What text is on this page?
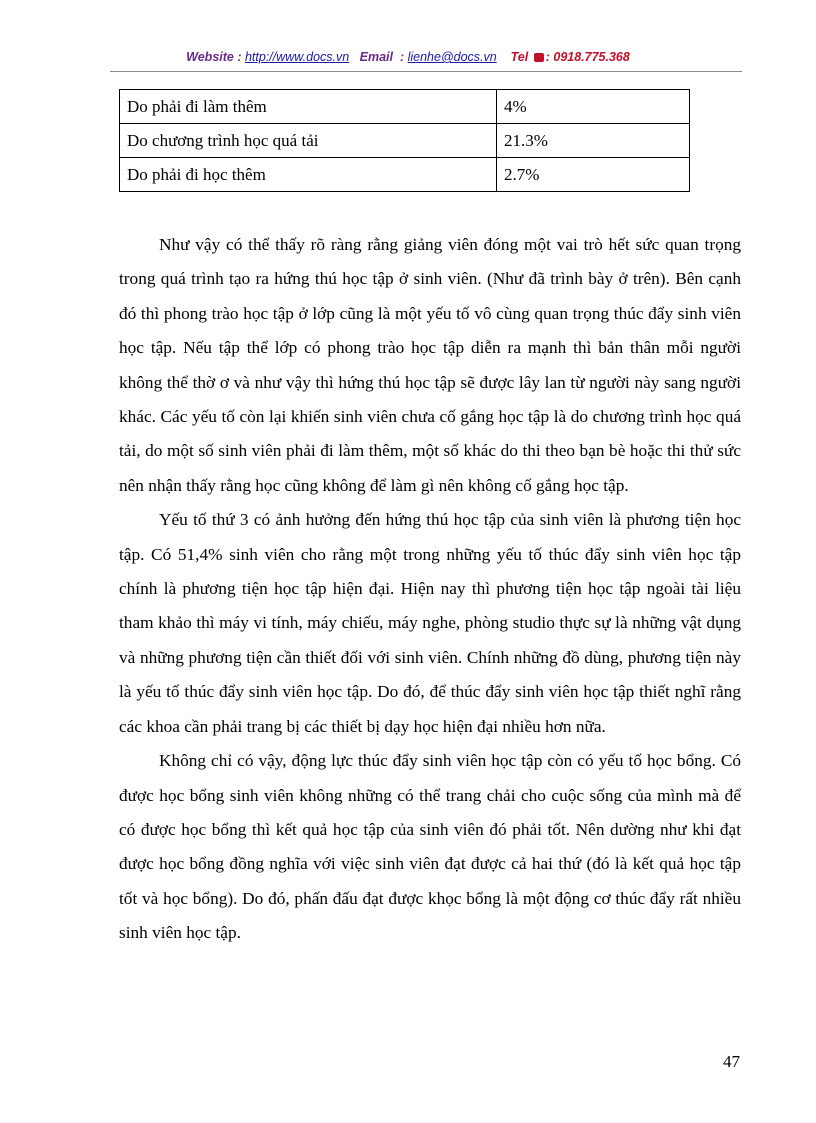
Website : http://www.docs.vn Email : lienhe@docs.vn Tel : 0918.775.368
Do phải đi làm thêm	4%
Do chương trình học quá tải	21.3%
Do phải đi học thêm	2.7%

Như vậy có thể thấy rõ ràng rằng giảng viên đóng một vai trò hết sức quan trọng trong quá trình tạo ra hứng thú học tập ở sinh viên. (Như đã trình bày ở trên). Bên cạnh đó thì phong trào học tập ở lớp cũng là một yếu tố vô cùng quan trọng thúc đẩy sinh viên học tập. Nếu tập thể lớp có phong trào học tập diễn ra mạnh thì bản thân mỗi người không thể thờ ơ và như vậy thì hứng thú học tập sẽ được lây lan từ người này sang người khác. Các yếu tố còn lại khiến sinh viên chưa cố gắng học tập là do chương trình học quá tải, do một số sinh viên phải đi làm thêm, một số khác do thi theo bạn bè hoặc thi thử sức nên nhận thấy rằng học cũng không để làm gì nên không cố gắng học tập.

Yếu tố thứ 3 có ảnh hưởng đến hứng thú học tập của sinh viên là phương tiện học tập. Có 51,4% sinh viên cho rằng một trong những yếu tố thúc đẩy sinh viên học tập chính là phương tiện học tập hiện đại. Hiện nay thì phương tiện học tập ngoài tài liệu tham khảo thì máy vi tính, máy chiếu, máy nghe, phòng studio thực sự là những vật dụng và những phương tiện cần thiết đối với sinh viên. Chính những đồ dùng, phương tiện này là yếu tố thúc đẩy sinh viên học tập. Do đó, để thúc đẩy sinh viên học tập thiết nghĩ rằng các khoa cần phải trang bị các thiết bị dạy học hiện đại nhiều hơn nữa.

Không chỉ có vậy, động lực thúc đẩy sinh viên học tập còn có yếu tố học bổng. Có được học bổng sinh viên không những có thể trang chải cho cuộc sống của mình mà để có được học bổng thì kết quả học tập của sinh viên đó phải tốt. Nên dường như khi đạt được học bổng đồng nghĩa với việc sinh viên đạt được cả hai thứ (đó là kết quả học tập tốt và học bổng). Do đó, phấn đấu đạt được khọc bổng là một động cơ thúc đẩy rất nhiều sinh viên học tập.

47
